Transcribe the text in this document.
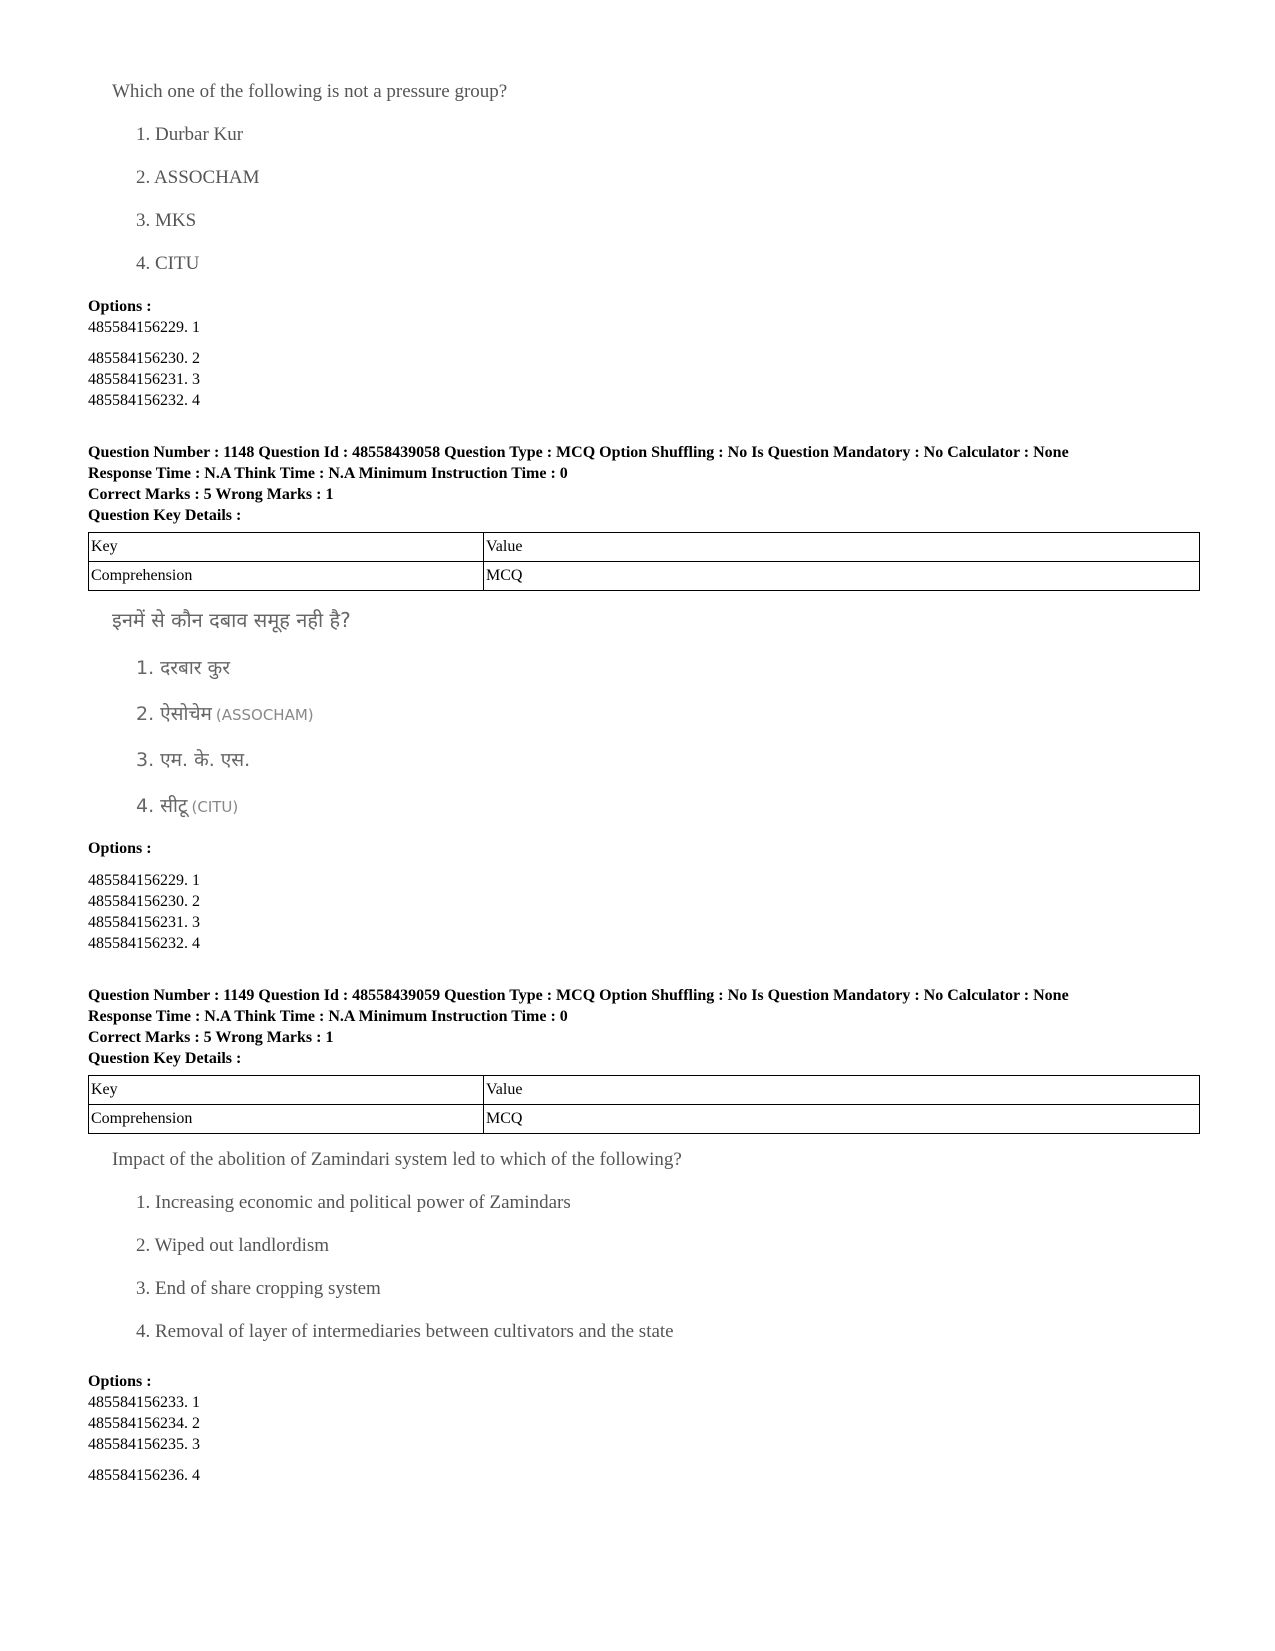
Which one of the following is not a pressure group?
1. Durbar Kur
2. ASSOCHAM
3. MKS
4. CITU
Options :
485584156229. 1
485584156230. 2
485584156231. 3
485584156232. 4
Question Number : 1148 Question Id : 48558439058 Question Type : MCQ Option Shuffling : No Is Question Mandatory : No Calculator : None
Response Time : N.A Think Time : N.A Minimum Instruction Time : 0
Correct Marks : 5 Wrong Marks : 1
Question Key Details :
Key	Value
Comprehension	MCQ
इनमें से कौन दबाव समूह नही है?
1. दरबार कुर
2. ऐसोचेम (ASSOCHAM)
3. एम. के. एस.
4. सीटू (CITU)
Options :
485584156229. 1
485584156230. 2
485584156231. 3
485584156232. 4
Question Number : 1149 Question Id : 48558439059 Question Type : MCQ Option Shuffling : No Is Question Mandatory : No Calculator : None
Response Time : N.A Think Time : N.A Minimum Instruction Time : 0
Correct Marks : 5 Wrong Marks : 1
Question Key Details :
Key	Value
Comprehension	MCQ
Impact of the abolition of Zamindari system led to which of the following?
1. Increasing economic and political power of Zamindars
2. Wiped out landlordism
3. End of share cropping system
4. Removal of layer of intermediaries between cultivators and the state
Options :
485584156233. 1
485584156234. 2
485584156235. 3
485584156236. 4
